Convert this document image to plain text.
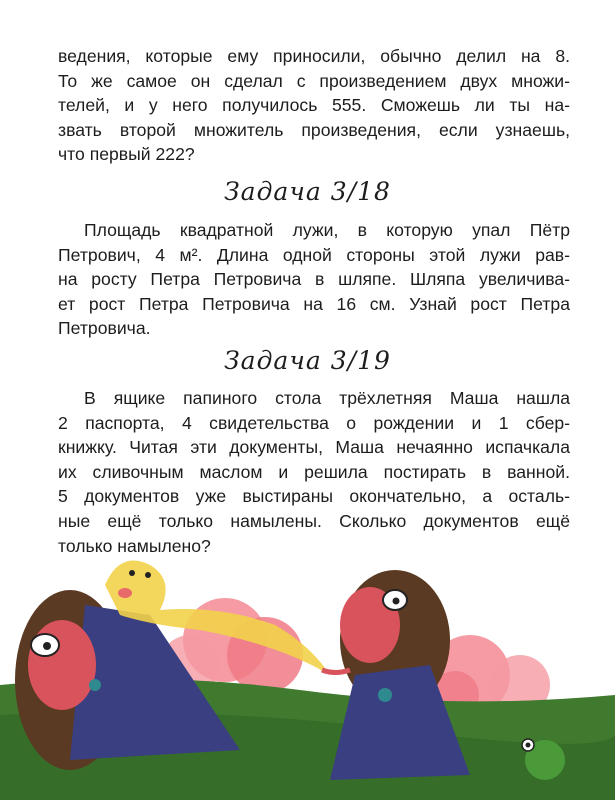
ведения, которые ему приносили, обычно делил на 8.
То же самое он сделал с произведением двух множи-
телей, и у него получилось 555. Сможешь ли ты на-
звать второй множитель произведения, если узнаешь,
что первый 222?
Задача 3/18
Площадь квадратной лужи, в которую упал Пётр
Петрович, 4 м². Длина одной стороны этой лужи рав-
на росту Петра Петровича в шляпе. Шляпа увеличива-
ет рост Петра Петровича на 16 см. Узнай рост Петра
Петровича.
Задача 3/19
В ящике папиного стола трёхлетняя Маша нашла
2 паспорта, 4 свидетельства о рождении и 1 сбер-
книжку. Читая эти документы, Маша нечаянно испачкала
их сливочным маслом и решила постирать в ванной.
5 документов уже выстираны окончательно, а осталь-
ные ещё только намылены. Сколько документов ещё
только намылено?
